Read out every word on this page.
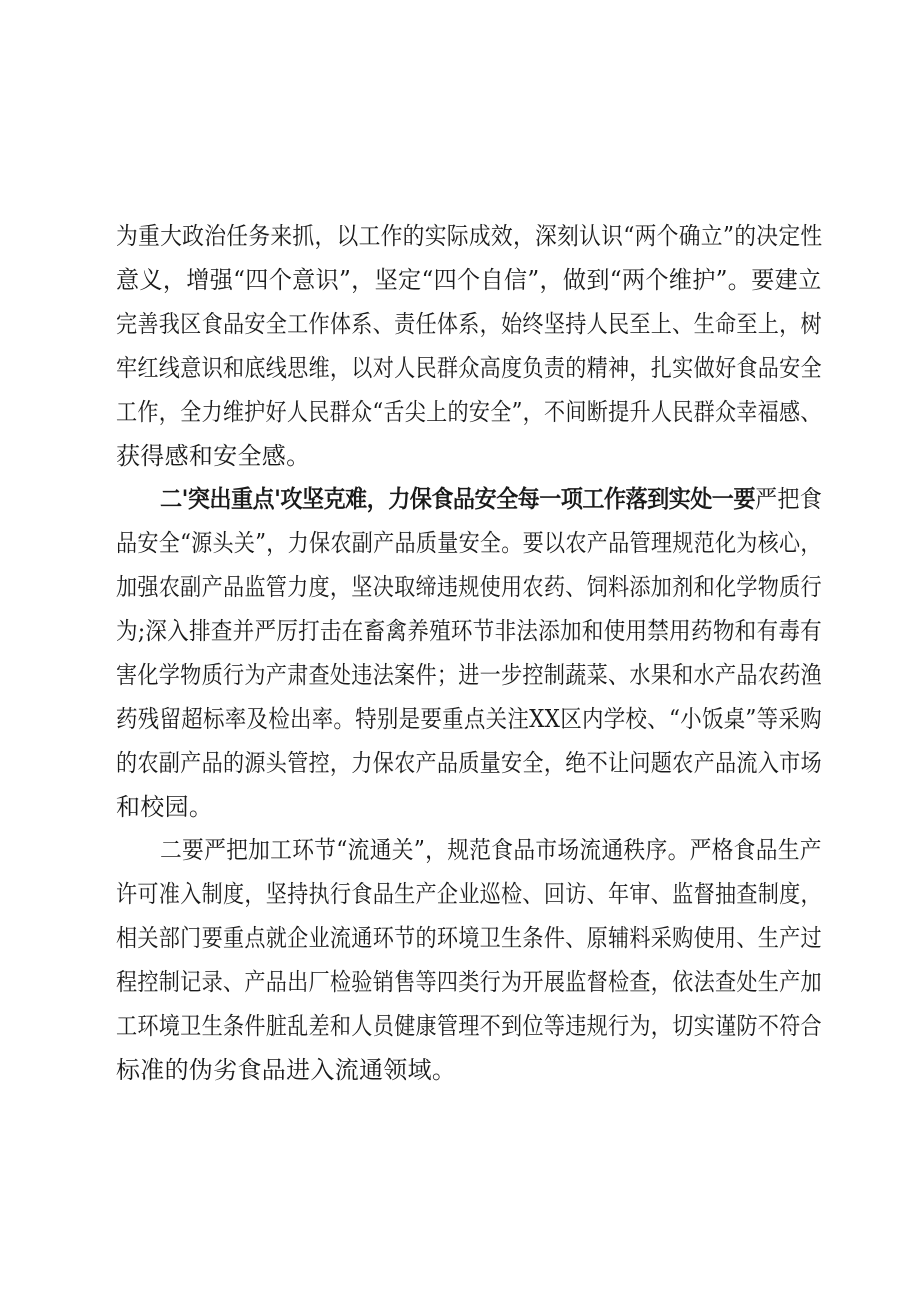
为重大政治任务来抓，以工作的实际成效，深刻认识“两个确立”的决定性
意义，增强“四个意识”，坚定“四个自信”，做到“两个维护”。要建立
完善我区食品安全工作体系、责任体系，始终坚持人民至上、生命至上，树
牢红线意识和底线思维，以对人民群众高度负责的精神，扎实做好食品安全
工作，全力维护好人民群众“舌尖上的安全”，不间断提升人民群众幸福感、
获得感和安全感。
二'突出重点'攻坚克难，力保食品安全每一项工作落到实处一要严把食
品安全“源头关”，力保农副产品质量安全。要以农产品管理规范化为核心，
加强农副产品监管力度，坚决取缔违规使用农药、饲料添加剂和化学物质行
为;深入排查并严厉打击在畜禽养殖环节非法添加和使用禁用药物和有毒有
害化学物质行为产肃查处违法案件；进一步控制蔬菜、水果和水产品农药渔
药残留超标率及检出率。特别是要重点关注XX区内学校、“小饭桌”等采购
的农副产品的源头管控，力保农产品质量安全，绝不让问题农产品流入市场
和校园。
二要严把加工环节“流通关”，规范食品市场流通秩序。严格食品生产
许可准入制度，坚持执行食品生产企业巡检、回访、年审、监督抽查制度，
相关部门要重点就企业流通环节的环境卫生条件、原辅料采购使用、生产过
程控制记录、产品出厂检验销售等四类行为开展监督检查，依法查处生产加
工环境卫生条件脏乱差和人员健康管理不到位等违规行为，切实谨防不符合
标准的伪劣食品进入流通领域。
